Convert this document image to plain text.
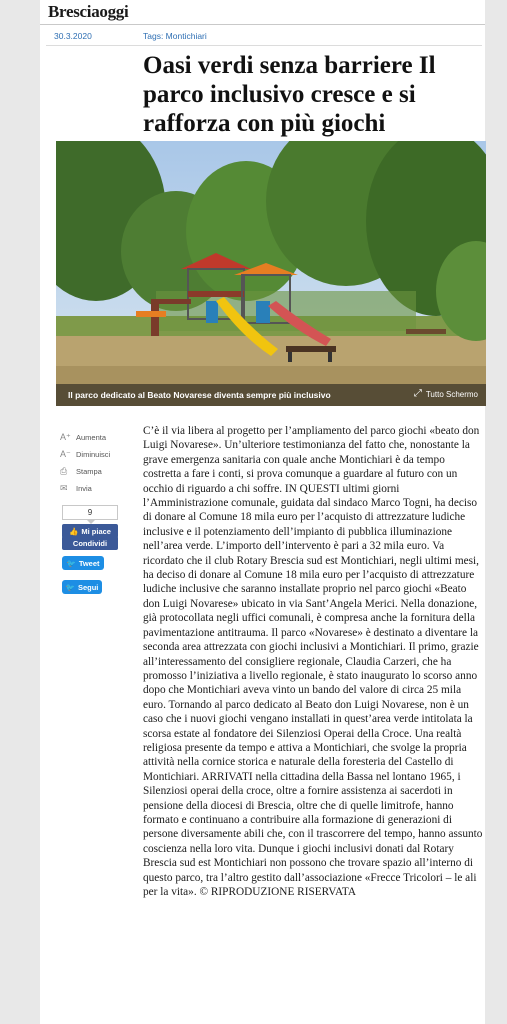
Bresciaoggi
30.3.2020	Tags: Montichiari
Oasi verdi senza barriere Il parco inclusivo cresce e si rafforza con più giochi
Il parco dedicato al Beato Novarese diventa sempre più inclusivo	⤢ Tutto Schermo
A⁺ Aumenta
A⁻ Diminuisci
⎙	Stampa
✉	Invia
9
👍 Mi piace
Condividi
🐦 Tweet
🐦 Segui

C’è il via libera al progetto per l’ampliamento del parco giochi «beato don Luigi Novarese». Un’ulteriore testimonianza del fatto che, nonostante la grave emergenza sanitaria con quale anche Montichiari è da tempo costretta a fare i conti, si prova comunque a guardare al futuro con un occhio di riguardo a chi soffre. IN QUESTI ultimi giorni l’Amministrazione comunale, guidata dal sindaco Marco Togni, ha deciso di donare al Comune 18 mila euro per l’acquisto di attrezzature ludiche inclusive e il potenziamento dell’impianto di pubblica illuminazione nell’area verde. L’importo dell’intervento è pari a 32 mila euro. Va ricordato che il club Rotary Brescia sud est Montichiari, negli ultimi mesi, ha deciso di donare al Comune 18 mila euro per l’acquisto di attrezzature ludiche inclusive che saranno installate proprio nel parco giochi «Beato don Luigi Novarese» ubicato in via Sant’Angela Merici. Nella donazione, già protocollata negli uffici comunali, è compresa anche la fornitura della pavimentazione antitrauma. Il parco «Novarese» è destinato a diventare la seconda area attrezzata con giochi inclusivi a Montichiari. Il primo, grazie all’interessamento del consigliere regionale, Claudia Carzeri, che ha promosso l’iniziativa a livello regionale, è stato inaugurato lo scorso anno dopo che Montichiari aveva vinto un bando del valore di circa 25 mila euro. Tornando al parco dedicato al Beato don Luigi Novarese, non è un caso che i nuovi giochi vengano installati in quest’area verde intitolata la scorsa estate al fondatore dei Silenziosi Operai della Croce. Una realtà religiosa presente da tempo e attiva a Montichiari, che svolge la propria attività nella cornice storica e naturale della foresteria del Castello di Montichiari. ARRIVATI nella cittadina della Bassa nel lontano 1965, i Silenziosi operai della croce, oltre a fornire assistenza ai sacerdoti in pensione della diocesi di Brescia, oltre che di quelle limitrofe, hanno formato e continuano a contribuire alla formazione di generazioni di persone diversamente abili che, con il trascorrere del tempo, hanno assunto coscienza nella loro vita. Dunque i giochi inclusivi donati dal Rotary Brescia sud est Montichiari non possono che trovare spazio all’interno di questo parco, tra l’altro gestito dall’associazione «Frecce Tricolori – le ali per la vita». © RIPRODUZIONE RISERVATA
